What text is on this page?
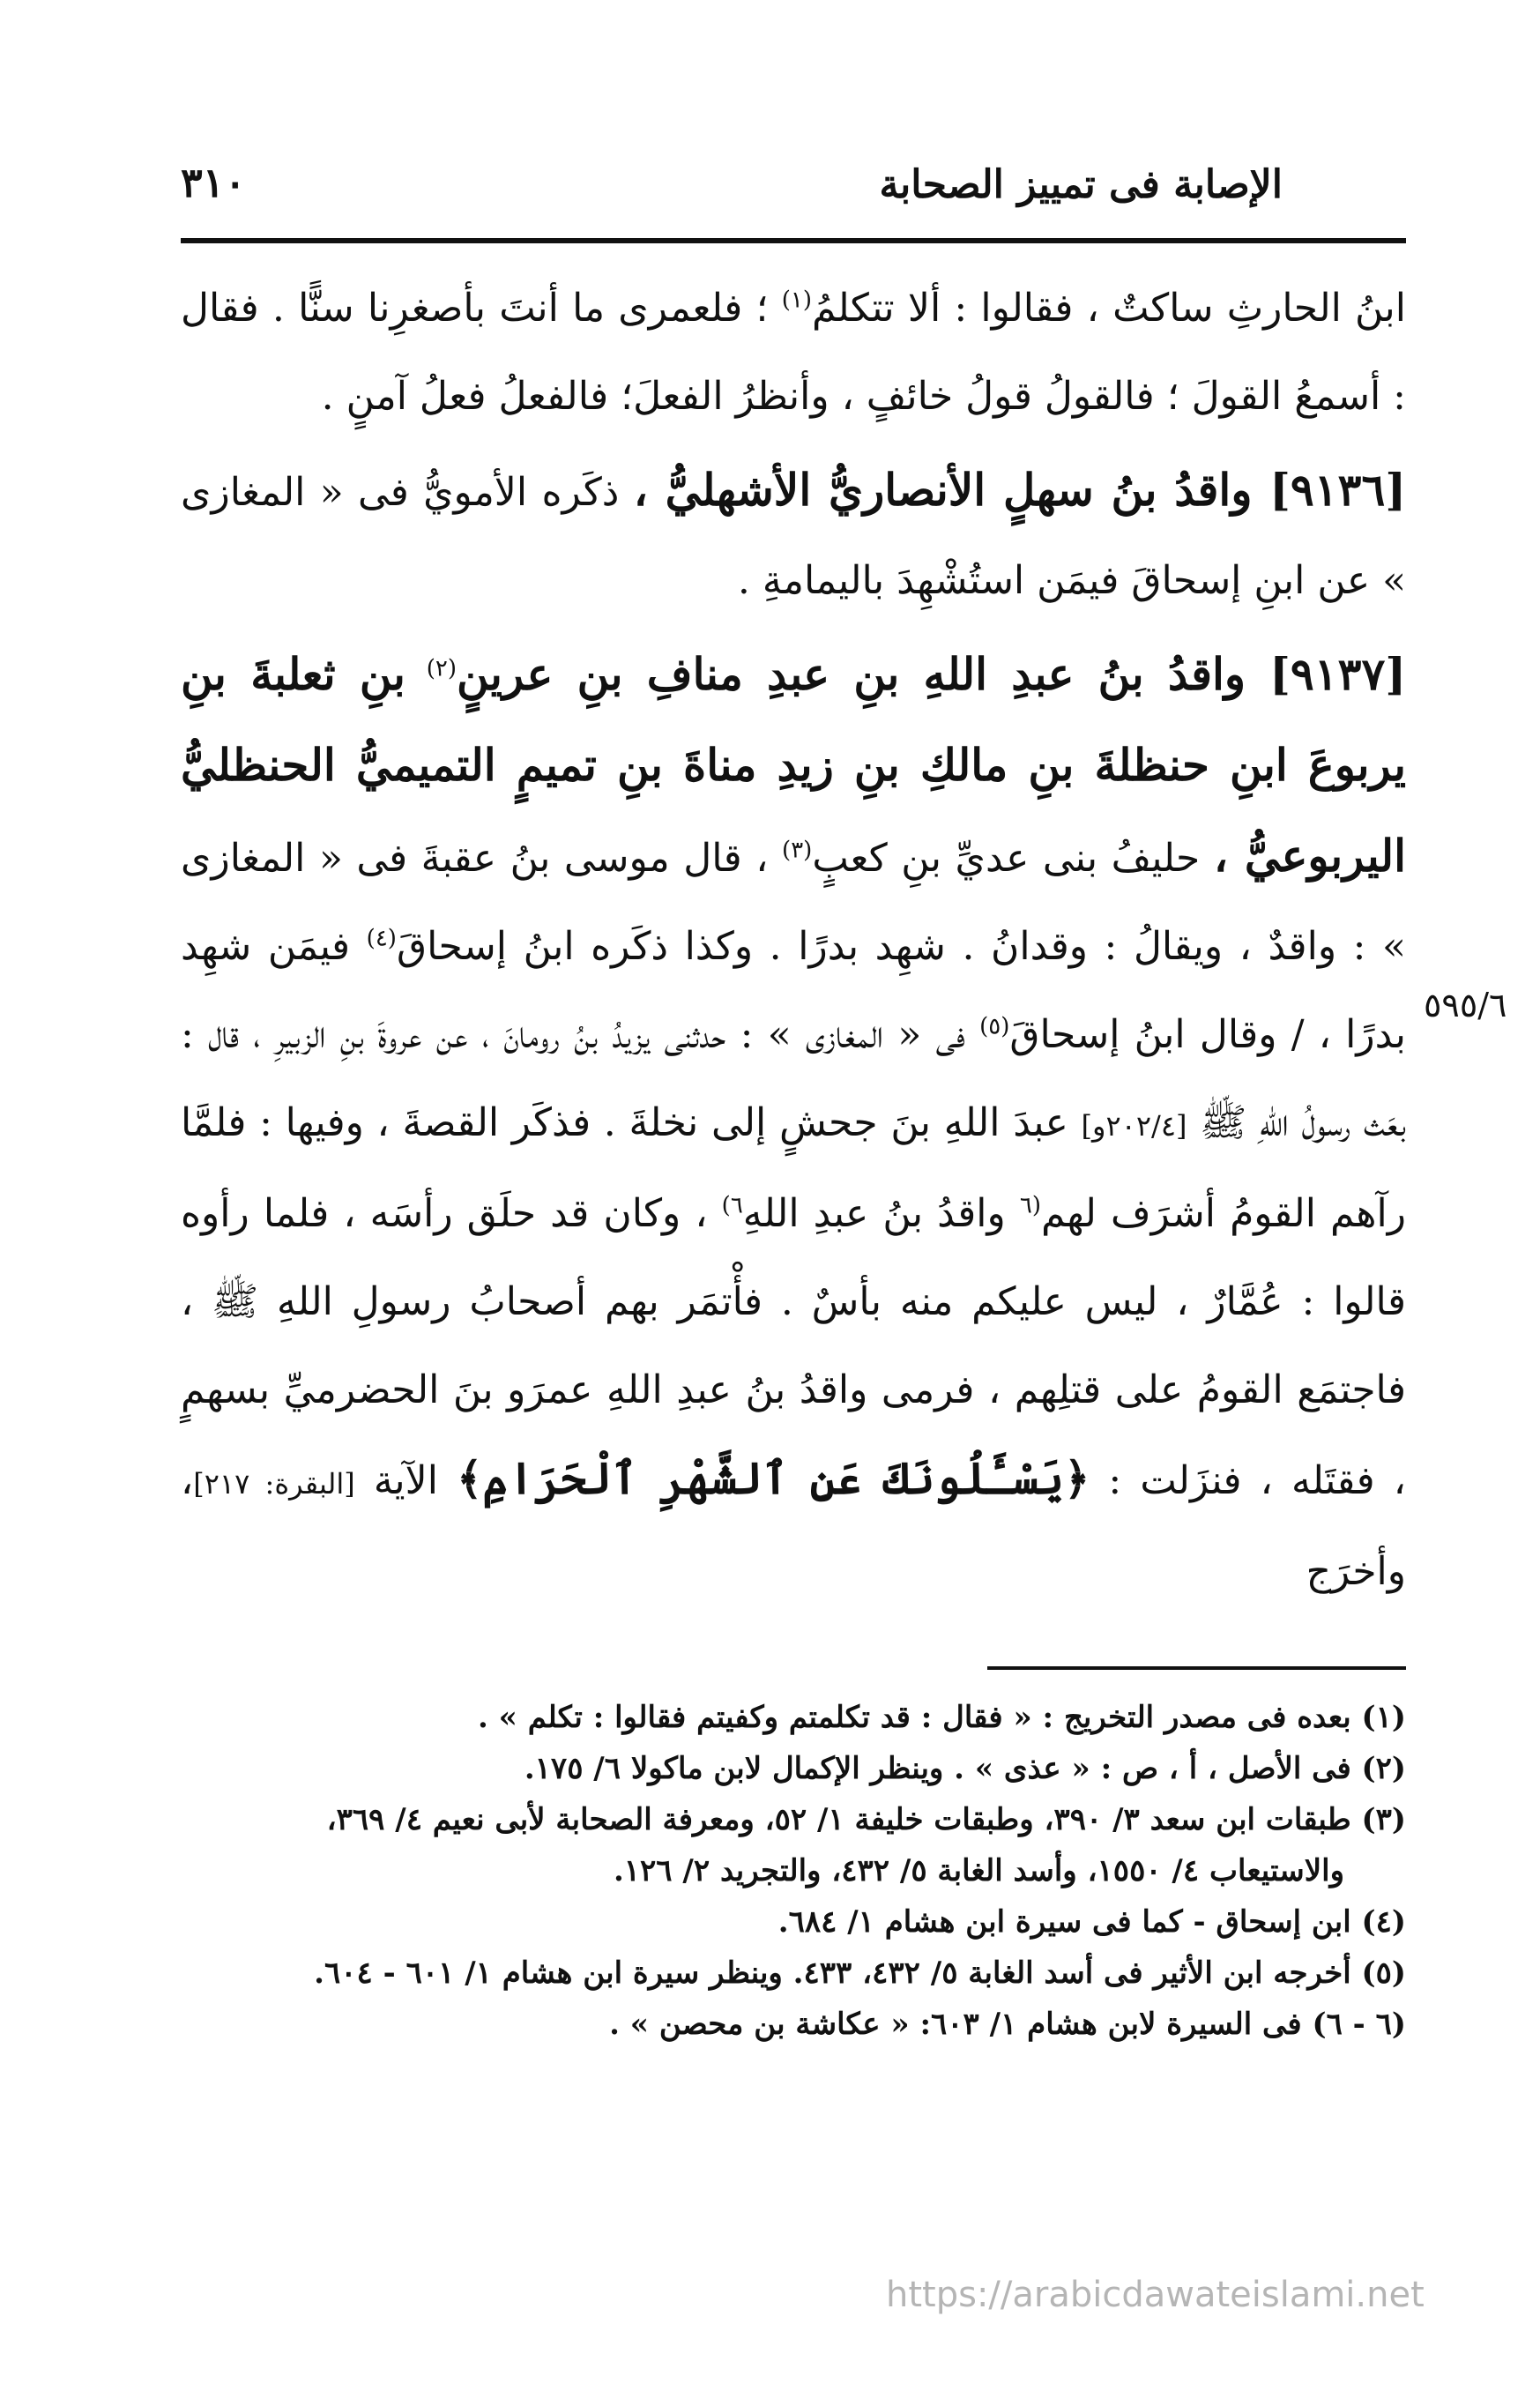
٣١٠	الإصابة فى تمييز الصحابة

ابنُ الحارثِ ساكتٌ ، فقالوا : ألا تتكلمُ$^{(١)}$ ؛ فلعمرى ما أنتَ بأصغرِنا سنًّا . فقال : أسمعُ القولَ ؛ فالقولُ قولُ خائفٍ ، وأنظرُ الفعلَ؛ فالفعلُ فعلُ آمنٍ .

[٩١٣٦] واقدُ بنُ سهلٍ الأنصاريُّ الأشهليُّ ، ذكَره الأمويُّ فى « المغازى » عن ابنِ إسحاقَ فيمَن استُشْهِدَ باليمامةِ .

[٩١٣٧] واقدُ بنُ عبدِ اللهِ بنِ عبدِ منافِ بنِ عرينٍ$^{(٢)}$ بنِ ثعلبةَ بنِ يربوعَ ابنِ حنظلةَ بنِ مالكِ بنِ زيدِ مناةَ بنِ تميمٍ التميميُّ الحنظليُّ اليربوعيُّ ، حليفُ بنى عديِّ بنِ كعبٍ$^{(٣)}$ ، قال موسى بنُ عقبةَ فى « المغازى » : واقدٌ ، ويقالُ : وقدانُ . شهِد بدرًا . وكذا ذكَره ابنُ إسحاقَ$^{(٤)}$ فيمَن شهِد بدرًا ، / وقال ابنُ إسحاقَ$^{(٥)}$ فى « المغازى » : حدثنى يزيدُ بنُ رومانَ ، عن عروةَ بنِ الزبيرِ ، قال : بعَث رسولُ اللهِ ﷺ [٢٠٢/٤و] عبدَ اللهِ بنَ جحشٍ إلى نخلةَ . فذكَر القصةَ ، وفيها : فلمَّا رآهم القومُ أشرَف لهم$^{(٦}$ واقدُ بنُ عبدِ اللهِ$^{٦)}$ ، وكان قد حلَق رأسَه ، فلما رأوه قالوا : عُمَّارٌ ، ليس عليكم منه بأسٌ . فأْتمَر بهم أصحابُ رسولِ اللهِ ﷺ ، فاجتمَع القومُ على قتلِهم ، فرمى واقدُ بنُ عبدِ اللهِ عمرَو بنَ الحضرميِّ بسهمٍ ، فقتَله ، فنزَلت : ﴿يَسْـَٔلُونَكَ عَنِ ٱلشَّهْرِ ٱلْحَرَامِ﴾ الآية [البقرة: ٢١٧]، وأخرَج

٥٩٥/٦

(١) بعده فى مصدر التخريج : « فقال : قد تكلمتم وكفيتم فقالوا : تكلم » .

(٢) فى الأصل ، أ ، ص : « عذى » . وينظر الإكمال لابن ماكولا ٦/ ١٧٥.

(٣) طبقات ابن سعد ٣/ ٣٩٠، وطبقات خليفة ١/ ٥٢، ومعرفة الصحابة لأبى نعيم ٤/ ٣٦٩،

والاستيعاب ٤/ ١٥٥٠، وأسد الغابة ٥/ ٤٣٢، والتجريد ٢/ ١٢٦.

(٤) ابن إسحاق - كما فى سيرة ابن هشام ١/ ٦٨٤.

(٥) أخرجه ابن الأثير فى أسد الغابة ٥/ ٤٣٢، ٤٣٣. وينظر سيرة ابن هشام ١/ ٦٠١ - ٦٠٤.

(٦ - ٦) فى السيرة لابن هشام ١/ ٦٠٣: « عكاشة بن محصن » .

https://arabicdawateislami.net
